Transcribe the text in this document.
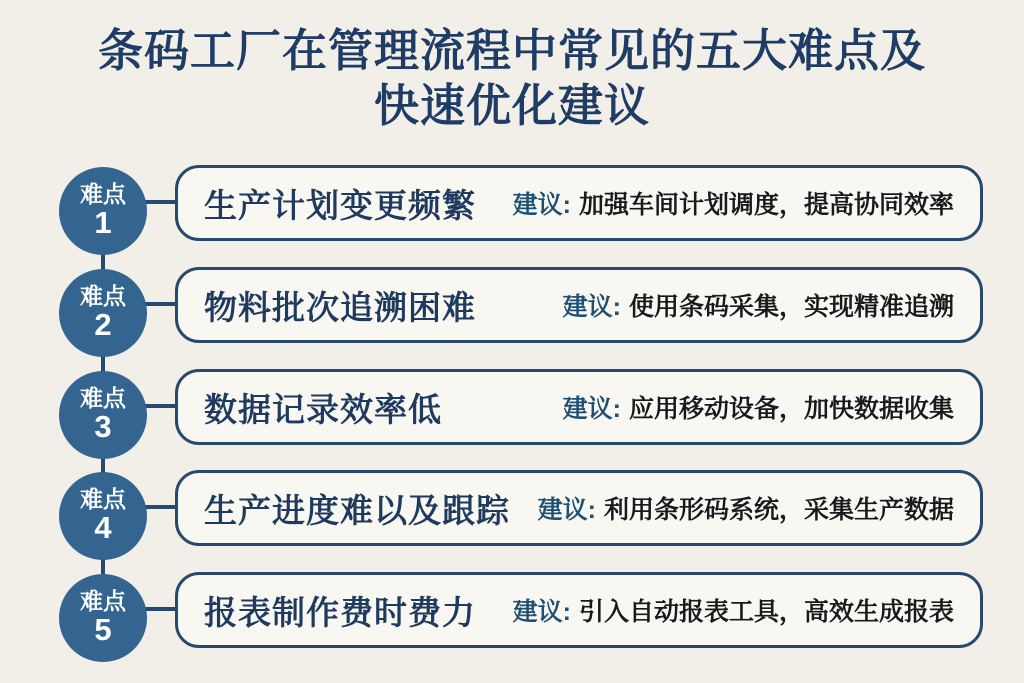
条码工厂在管理流程中常见的五大难点及
快速优化建议
难点
1	生产计划变更频繁 建议: 加强车间计划调度，提高协同效率
难点
2	物料批次追溯困难	建议: 使用条码采集，实现精准追溯
难点
3	数据记录效率低	建议: 应用移动设备，加快数据收集
难点
4	生产进度难以及跟踪 建议: 利用条形码系统，采集生产数据
难点
5	报表制作费时费力 建议: 引入自动报表工具，高效生成报表
